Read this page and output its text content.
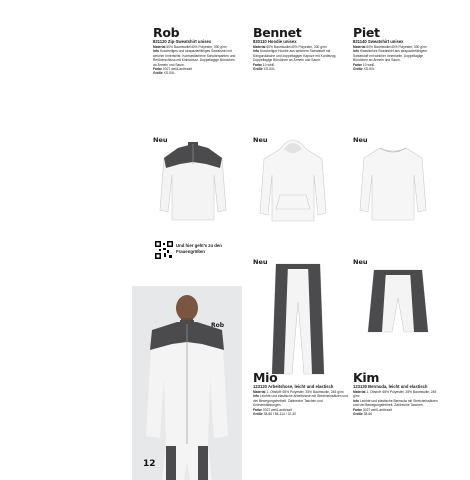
Rob

821120 Zip-Sweatshirt unisex

Material 60% Baumwolle/40% Polyester, 330 g/m²

Info Kuscheliges und strapazierfähiges Sweatshirt mit weicher Innenseite. Kontrastfarbene Schulterpartien und Reißverschluss mit Kinnschutz. Doppellagige Bündchen an Ärmeln und Saum.

Farbe 0027 weiß-anthrazit

Größe XS-5XL

Bennet

820110 Hoodie unisex

Material 60% Baumwolle/40% Polyester, 330 g/m²

Info Kuscheliger Hoodie aus weichem Sweatstoff mit Kängurutasche und doppellagiger Kapuze mit Kordelzug. Doppellagige Bündchen an Ärmeln und Saum.

Farbe 10 weiß

Größe XS-5XL

Piet

821140 Sweatshirt unisex

Material 60% Baumwolle/40% Polyester, 330 g/m²

Info Klassisches Sweatshirt aus strapazierfähigem Sweatstoff mit weicher Innenseite. Doppellagige Bündchen an Ärmeln und Saum.

Farbe 10 weiß

Größe XS-5XL

Neu	Neu	Neu
Neu	Neu
Und hier geht's zu den Frauengrößen

Mio

123120 Arbeitshose, leicht und elastisch

Material 1. Obstoff: 65% Polyester, 35% Baumwolle, 245 g/m²

Info Leichte und elastische Arbeitshose mit Stretcheinsätzen und viel Bewegungsfreiheit. Zahlreiche Taschen und Knieverstärkungen.

Farbe 0027 weiß-anthrazit

Größe 38-66 / 84-114 / 22-30

Kim

123130 Bermuda, leicht und elastisch

Material 1. Obstoff: 65% Polyester, 35% Baumwolle, 245 g/m²

Info Leichte und elastische Bermuda mit Stretcheinsätzen und viel Bewegungsfreiheit. Zahlreiche Taschen.

Farbe 0027 weiß-anthrazit

Größe 38-66

Rob
12
